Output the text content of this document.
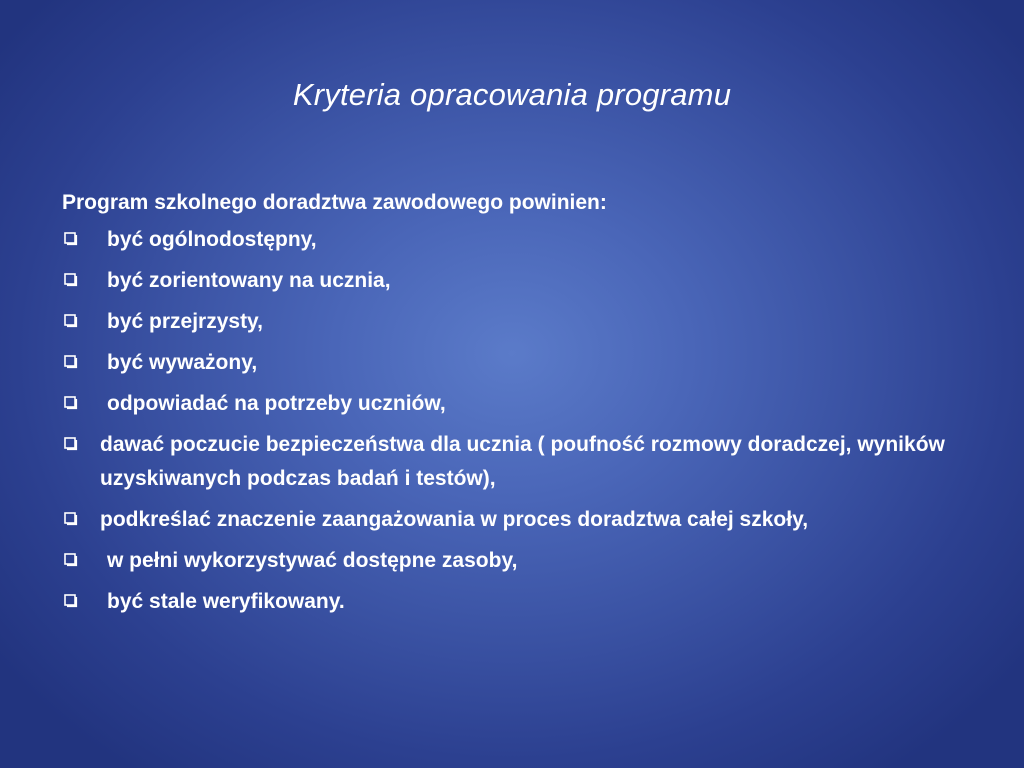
Kryteria opracowania programu
Program szkolnego doradztwa zawodowego powinien:
być ogólnodostępny,
być zorientowany na ucznia,
być przejrzysty,
być wyważony,
odpowiadać na potrzeby uczniów,
dawać poczucie bezpieczeństwa dla ucznia ( poufność rozmowy doradczej, wyników uzyskiwanych podczas badań i testów),
podkreślać znaczenie zaangażowania w proces doradztwa całej szkoły,
w pełni wykorzystywać dostępne zasoby,
być stale weryfikowany.
